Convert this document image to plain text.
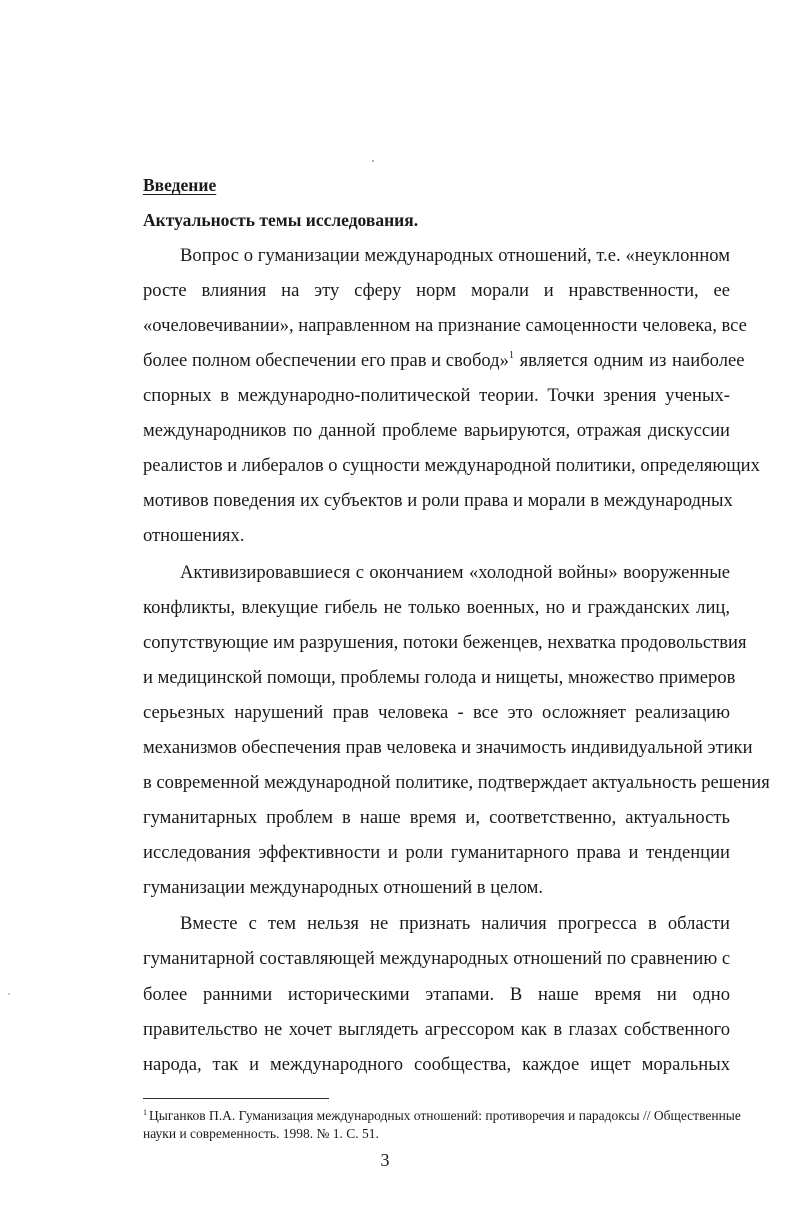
Введение
Актуальность темы исследования.
Вопрос о гуманизации международных отношений, т.е. «неуклонном
росте влияния на эту сферу норм морали и нравственности, ее
«очеловечивании», направленном на признание самоценности человека, все
более полном обеспечении его прав и свобод»$^1$ является одним из наиболее
спорных в международно-политической теории. Точки зрения ученых-
международников по данной проблеме варьируются, отражая дискуссии
реалистов и либералов о сущности международной политики, определяющих
мотивов поведения их субъектов и роли права и морали в международных
отношениях.
Активизировавшиеся с окончанием «холодной войны» вооруженные
конфликты, влекущие гибель не только военных, но и гражданских лиц,
сопутствующие им разрушения, потоки беженцев, нехватка продовольствия
и медицинской помощи, проблемы голода и нищеты, множество примеров
серьезных нарушений прав человека - все это осложняет реализацию
механизмов обеспечения прав человека и значимость индивидуальной этики
в современной международной политике, подтверждает актуальность решения
гуманитарных проблем в наше время и, соответственно, актуальность
исследования эффективности и роли гуманитарного права и тенденции
гуманизации международных отношений в целом.
Вместе с тем нельзя не признать наличия прогресса в области
гуманитарной составляющей международных отношений по сравнению с
более ранними историческими этапами. В наше время ни одно
правительство не хочет выглядеть агрессором как в глазах собственного
народа, так и международного сообщества, каждое ищет моральных
$^1$ Цыганков П.А. Гуманизация международных отношений: противоречия и парадоксы // Общественные
науки и современность. 1998. № 1. С. 51.
3
